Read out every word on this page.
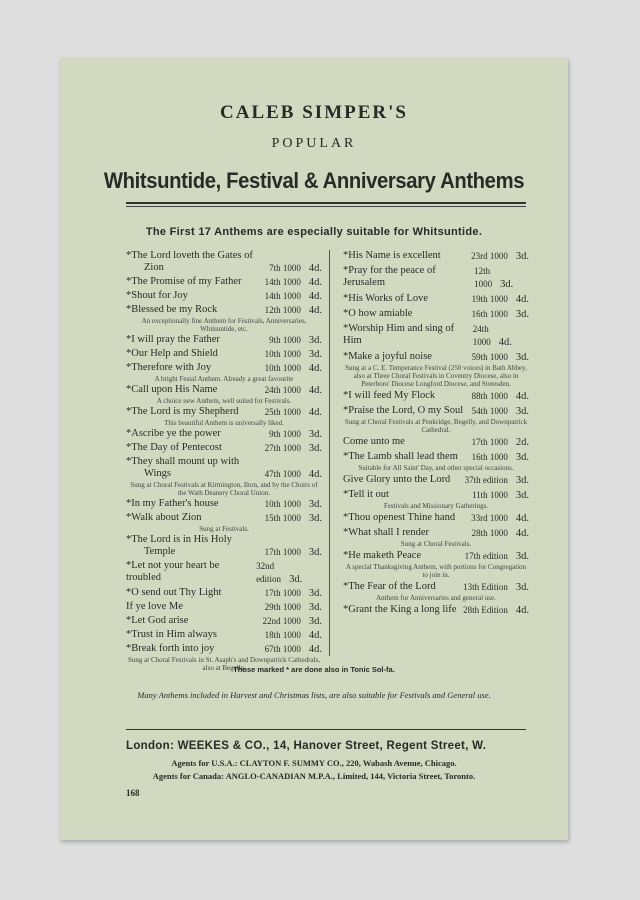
CALEB SIMPER'S
POPULAR
Whitsuntide, Festival & Anniversary Anthems
The First 17 Anthems are especially suitable for Whitsuntide.
*The Lord loveth the Gates of
Zion	7th 1000 4d.
*The Promise of my Father	14th 1000 4d.
*Shout for Joy	14th 1000 4d.
*Blessed be my Rock	12th 1000 4d.
An exceptionally fine Anthem for Festivals, Anniversaries, Whitsuntide, etc.
*I will pray the Father	9th 1000 3d.
*Our Help and Shield	10th 1000 3d.
*Therefore with Joy	10th 1000 4d.
A bright Festal Anthem. Already a great favourite
*Call upon His Name	24th 1000 4d.
A choice new Anthem, well suited for Festivals.
*The Lord is my Shepherd	25th 1000 4d.
This beautiful Anthem is universally liked.
*Ascribe ye the power	9th 1000 3d.
*The Day of Pentecost	27th 1000 3d.
*They shall mount up with
Wings	47th 1000 4d.
Sung at Choral Festivals at Kirmington, Ilton, and by the Choirs of the Wath Deanery Choral Union.
*In my Father's house	10th 1000 3d.
*Walk about Zion	15th 1000 3d.
Sung at Festivals.
*The Lord is in His Holy
Temple	17th 1000 3d.
*Let not your heart be troubled
32nd edition 3d.
*O send out Thy Light	17th 1000 3d.
If ye love Me	29th 1000 3d.
*Let God arise	22nd 1000 3d.
*Trust in Him always	18th 1000 4d.
*Break forth into joy	67th 1000 4d.
Sung at Choral Festivals in St. Asaph's and Downpatrick Cathedrals, also at Begelly.
*His Name is excellent	23rd 1000 3d.
*Pray for the peace of Jerusalem
12th 1000 3d.
*His Works of Love	19th 1000 4d.
*O how amiable	16th 1000 3d.
*Worship Him and sing of Him
24th 1000 4d.
*Make a joyful noise	59th 1000 3d.
Sung at a C. E. Temperance Festival (250 voices) in Bath Abbey, also at Three Choral Festivals in Coventry Diocese, also in Peterboro' Diocese Longford Diocese, and Stotesden.
*I will feed My Flock	88th 1000 4d.
*Praise the Lord, O my Soul 54th 1000 3d.
Sung at Choral Festivals at Penkridge, Begelly, and Downpatrick Cathedral.
Come unto me	17th 1000 2d.
*The Lamb shall lead them 16th 1000 3d.
Suitable for All Saint' Day, and other special occasions.
Give Glory unto the Lord 37th edition 3d.
*Tell it out	11th 1000 3d.
Festivals and Missionary Gatherings.
*Thou openest Thine hand 33rd 1000 4d.
*What shall I render	28th 1000 4d.
Sung at Choral Festivals.
*He maketh Peace	17th edition 3d.
A special Thanksgiving Anthem, with portions for Congregation to join in.
*The Fear of the Lord	13th Edition 3d.
Anthem for Anniversaries and general use.
*Grant the King a long life 28th Edition 4d.
Those marked * are done also in Tonic Sol-fa.
Many Anthems included in Harvest and Christmas lists, are also suitable for Festivals and General use.
London: WEEKES & CO., 14, Hanover Street, Regent Street, W.
Agents for U.S.A.: CLAYTON F. SUMMY CO., 220, Wabash Avenue, Chicago.
Agents for Canada: ANGLO-CANADIAN M.P.A., Limited, 144, Victoria Street, Toronto.
168
